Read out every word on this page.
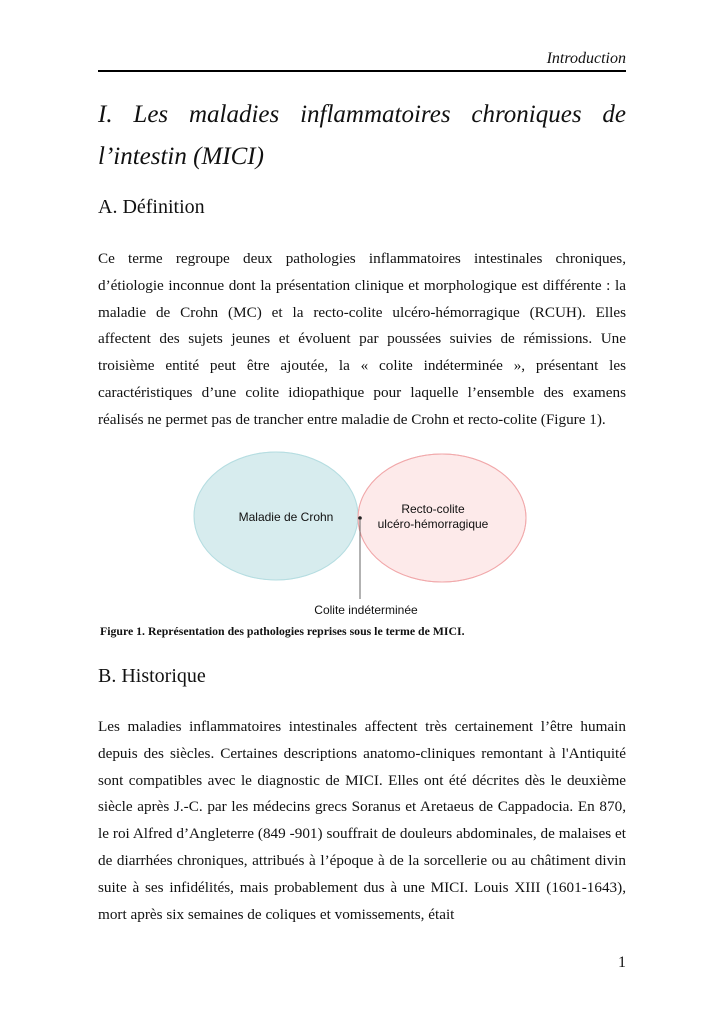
Introduction
I. Les maladies inflammatoires chroniques de l’intestin (MICI)
A. Définition

Ce terme regroupe deux pathologies inflammatoires intestinales chroniques, d’étiologie inconnue dont la présentation clinique et morphologique est différente : la maladie de Crohn (MC) et la recto-colite ulcéro-hémorragique (RCUH). Elles affectent des sujets jeunes et évoluent par poussées suivies de rémissions. Une troisième entité peut être ajoutée, la « colite indéterminée », présentant les caractéristiques d’une colite idiopathique pour laquelle l’ensemble des examens réalisés ne permet pas de trancher entre maladie de Crohn et recto-colite (Figure 1).

Maladie de Crohn
Recto-colite
ulcéro-hémorragique
Colite indéterminée
Figure 1. Représentation des pathologies reprises sous le terme de MICI.
B. Historique

Les maladies inflammatoires intestinales affectent très certainement l’être humain depuis des siècles. Certaines descriptions anatomo-cliniques remontant à l'Antiquité sont compatibles avec le diagnostic de MICI. Elles ont été décrites dès le deuxième siècle après J.-C. par les médecins grecs Soranus et Aretaeus de Cappadocia. En 870, le roi Alfred d’Angleterre (849 -901) souffrait de douleurs abdominales, de malaises et de diarrhées chroniques, attribués à l’époque à de la sorcellerie ou au châtiment divin suite à ses infidélités, mais probablement dus à une MICI. Louis XIII (1601-1643), mort après six semaines de coliques et vomissements, était

1
